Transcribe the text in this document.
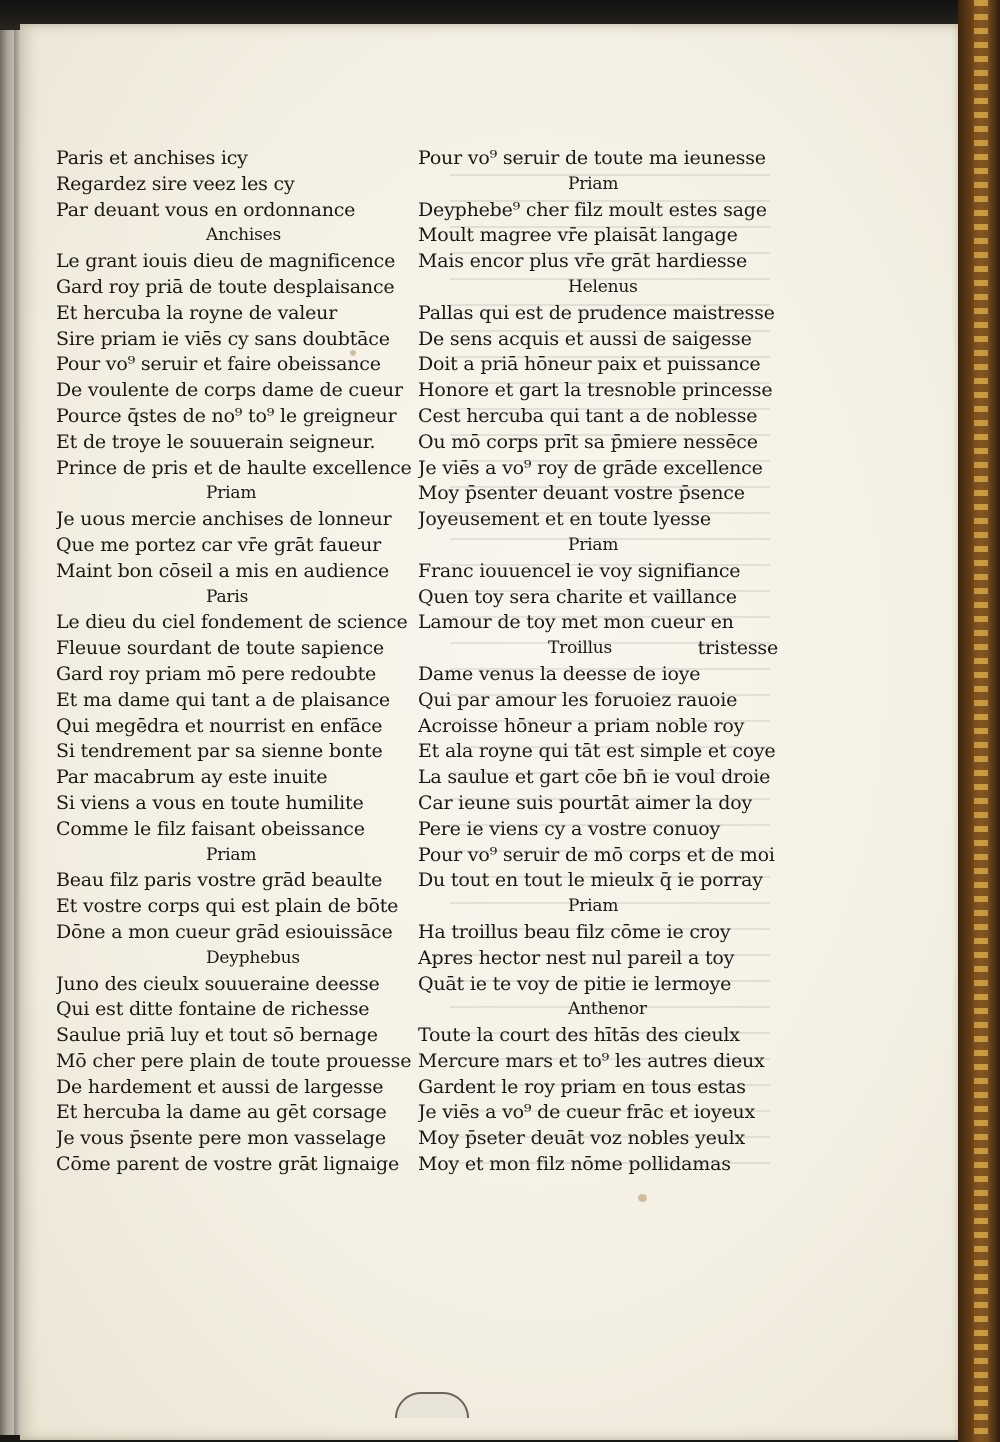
Paris et anchises icy
Regardez sire veez les cy
Par deuant vous en ordonnance
Anchises
Le grant iouis dieu de magnificence
Gard roy priā de toute desplaisance
Et hercuba la royne de valeur
Sire priam ie viēs cy sans doubtāce
Pour vo⁹ seruir et faire obeissance
De voulente de corps dame de cueur
Pource q̄stes de no⁹ to⁹ le greigneur
Et de troye le souuerain seigneur.
Prince de pris et de haulte excellence
Priam
Je uous mercie anchises de lonneur
Que me portez car vr̄e grāt faueur
Maint bon cōseil a mis en audience
Paris
Le dieu du ciel fondement de science
Fleuue sourdant de toute sapience
Gard roy priam mō pere redoubte
Et ma dame qui tant a de plaisance
Qui megēdra et nourrist en enfāce
Si tendrement par sa sienne bonte
Par macabrum ay este inuite
Si viens a vous en toute humilite
Comme le filz faisant obeissance
Priam
Beau filz paris vostre grād beaulte
Et vostre corps qui est plain de bōte
Dōne a mon cueur grād esiouissāce
Deyphebus
Juno des cieulx souueraine deesse
Qui est ditte fontaine de richesse
Saulue priā luy et tout sō bernage
Mō cher pere plain de toute prouesse
De hardement et aussi de largesse
Et hercuba la dame au gēt corsage
Je vous p̄sente pere mon vasselage
Cōme parent de vostre grāt lignaige
Pour vo⁹ seruir de toute ma ieunesse
Priam
Deyphebe⁹ cher filz moult estes sage
Moult magree vr̄e plaisāt langage
Mais encor plus vr̄e grāt hardiesse
Helenus
Pallas qui est de prudence maistresse
De sens acquis et aussi de saigesse
Doit a priā hōneur paix et puissance
Honore et gart la tresnoble princesse
Cest hercuba qui tant a de noblesse
Ou mō corps prīt sa p̄miere nessēce
Je viēs a vo⁹ roy de grāde excellence
Moy p̄senter deuant vostre p̄sence
Joyeusement et en toute lyesse
Priam
Franc iouuencel ie voy signifiance
Quen toy sera charite et vaillance
Lamour de toy met mon cueur en
Troillus	tristesse
Dame venus la deesse de ioye
Qui par amour les foruoiez rauoie
Acroisse hōneur a priam noble roy
Et ala royne qui tāt est simple et coye
La saulue et gart cōe bn̄ ie voul droie
Car ieune suis pourtāt aimer la doy
Pere ie viens cy a vostre conuoy
Pour vo⁹ seruir de mō corps et de moi
Du tout en tout le mieulx q̄ ie porray
Priam
Ha troillus beau filz cōme ie croy
Apres hector nest nul pareil a toy
Quāt ie te voy de pitie ie lermoye
Anthenor
Toute la court des hītās des cieulx
Mercure mars et to⁹ les autres dieux
Gardent le roy priam en tous estas
Je viēs a vo⁹ de cueur frāc et ioyeux
Moy p̄seter deuāt voz nobles yeulx
Moy et mon filz nōme pollidamas
